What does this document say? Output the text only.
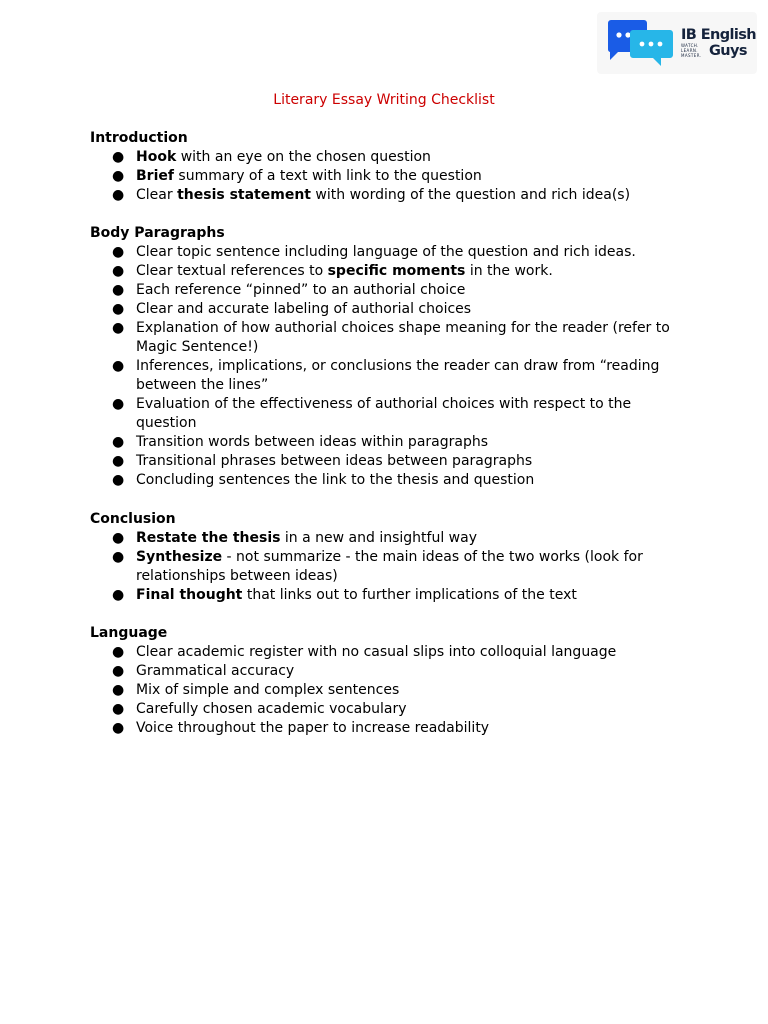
IB English
WATCH.
LEARN.
MASTER. Guys
Literary Essay Writing Checklist
Introduction
● Hook with an eye on the chosen question
● Brief summary of a text with link to the question
● Clear thesis statement with wording of the question and rich idea(s)
Body Paragraphs
● Clear topic sentence including language of the question and rich ideas.
● Clear textual references to specific moments in the work.
● Each reference “pinned” to an authorial choice
● Clear and accurate labeling of authorial choices
● Explanation of how authorial choices shape meaning for the reader (refer to Magic Sentence!)
● Inferences, implications, or conclusions the reader can draw from “reading between the lines”
● Evaluation of the effectiveness of authorial choices with respect to the question
● Transition words between ideas within paragraphs
● Transitional phrases between ideas between paragraphs
● Concluding sentences the link to the thesis and question
Conclusion
● Restate the thesis in a new and insightful way
● Synthesize - not summarize - the main ideas of the two works (look for relationships between ideas)
● Final thought that links out to further implications of the text
Language
● Clear academic register with no casual slips into colloquial language
● Grammatical accuracy
● Mix of simple and complex sentences
● Carefully chosen academic vocabulary
● Voice throughout the paper to increase readability
